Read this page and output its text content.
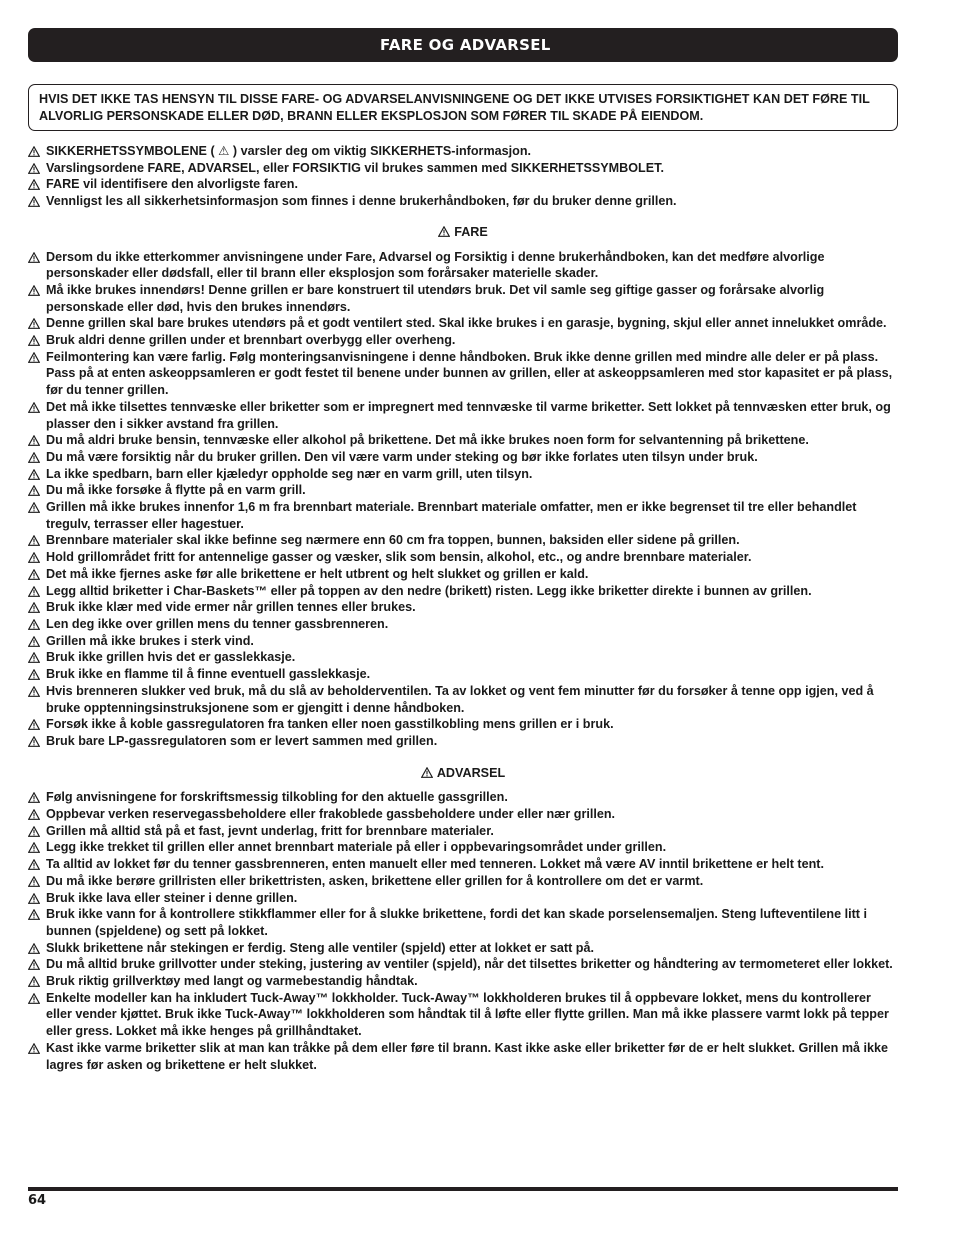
FARE OG ADVARSEL
HVIS DET IKKE TAS HENSYN TIL DISSE FARE- OG ADVARSELANVISNINGENE OG DET IKKE UTVISES FORSIKTIGHET KAN DET FØRE TIL ALVORLIG PERSONSKADE ELLER DØD, BRANN ELLER EKSPLOSJON SOM FØRER TIL SKADE PÅ EIENDOM.
SIKKERHETSSYMBOLENE ( ⚠ ) varsler deg om viktig SIKKERHETS-informasjon.
Varslingsordene FARE, ADVARSEL, eller FORSIKTIG vil brukes sammen med SIKKERHETSSYMBOLET.
FARE vil identifisere den alvorligste faren.
Vennligst les all sikkerhetsinformasjon som finnes i denne brukerhåndboken, før du bruker denne grillen.
FARE
Dersom du ikke etterkommer anvisningene under Fare, Advarsel og Forsiktig i denne brukerhåndboken, kan det medføre alvorlige personskader eller dødsfall, eller til brann eller eksplosjon som forårsaker materielle skader.
Må ikke brukes innendørs! Denne grillen er bare konstruert til utendørs bruk. Det vil samle seg giftige gasser og forårsake alvorlig personskade eller død, hvis den brukes innendørs.
Denne grillen skal bare brukes utendørs på et godt ventilert sted. Skal ikke brukes i en garasje, bygning, skjul eller annet innelukket område.
Bruk aldri denne grillen under et brennbart overbygg eller overheng.
Feilmontering kan være farlig. Følg monteringsanvisningene i denne håndboken. Bruk ikke denne grillen med mindre alle deler er på plass. Pass på at enten askeoppsamleren er godt festet til benene under bunnen av grillen, eller at askeoppsamleren med stor kapasitet er på plass, før du tenner grillen.
Det må ikke tilsettes tennvæske eller briketter som er impregnert med tennvæske til varme briketter. Sett lokket på tennvæsken etter bruk, og plasser den i sikker avstand fra grillen.
Du må aldri bruke bensin, tennvæske eller alkohol på brikettene. Det må ikke brukes noen form for selvantenning på brikettene.
Du må være forsiktig når du bruker grillen. Den vil være varm under steking og bør ikke forlates uten tilsyn under bruk.
La ikke spedbarn, barn eller kjæledyr oppholde seg nær en varm grill, uten tilsyn.
Du må ikke forsøke å flytte på en varm grill.
Grillen må ikke brukes innenfor 1,6 m fra brennbart materiale. Brennbart materiale omfatter, men er ikke begrenset til tre eller behandlet tregulv, terrasser eller hagestuer.
Brennbare materialer skal ikke befinne seg nærmere enn 60 cm fra toppen, bunnen, baksiden eller sidene på grillen.
Hold grillområdet fritt for antennelige gasser og væsker, slik som bensin, alkohol, etc., og andre brennbare materialer.
Det må ikke fjernes aske før alle brikettene er helt utbrent og helt slukket og grillen er kald.
Legg alltid briketter i Char-Baskets™ eller på toppen av den nedre (brikett) risten. Legg ikke briketter direkte i bunnen av grillen.
Bruk ikke klær med vide ermer når grillen tennes eller brukes.
Len deg ikke over grillen mens du tenner gassbrenneren.
Grillen må ikke brukes i sterk vind.
Bruk ikke grillen hvis det er gasslekkasje.
Bruk ikke en flamme til å finne eventuell gasslekkasje.
Hvis brenneren slukker ved bruk, må du slå av beholderventilen. Ta av lokket og vent fem minutter før du forsøker å tenne opp igjen, ved å bruke opptenningsinstruksjonene som er gjengitt i denne håndboken.
Forsøk ikke å koble gassregulatoren fra tanken eller noen gasstilkobling mens grillen er i bruk.
Bruk bare LP-gassregulatoren som er levert sammen med grillen.
ADVARSEL
Følg anvisningene for forskriftsmessig tilkobling for den aktuelle gassgrillen.
Oppbevar verken reservegassbeholdere eller frakoblede gassbeholdere under eller nær grillen.
Grillen må alltid stå på et fast, jevnt underlag, fritt for brennbare materialer.
Legg ikke trekket til grillen eller annet brennbart materiale på eller i oppbevaringsområdet under grillen.
Ta alltid av lokket før du tenner gassbrenneren, enten manuelt eller med tenneren. Lokket må være AV inntil brikettene er helt tent.
Du må ikke berøre grillristen eller brikettristen, asken, brikettene eller grillen for å kontrollere om det er varmt.
Bruk ikke lava eller steiner i denne grillen.
Bruk ikke vann for å kontrollere stikkflammer eller for å slukke brikettene, fordi det kan skade porselensemaljen. Steng lufteventilene litt i bunnen (spjeldene) og sett på lokket.
Slukk brikettene når stekingen er ferdig. Steng alle ventiler (spjeld) etter at lokket er satt på.
Du må alltid bruke grillvotter under steking, justering av ventiler (spjeld), når det tilsettes briketter og håndtering av termometeret eller lokket.
Bruk riktig grillverktøy med langt og varmebestandig håndtak.
Enkelte modeller kan ha inkludert Tuck-Away™ lokkholder. Tuck-Away™ lokkholderen brukes til å oppbevare lokket, mens du kontrollerer eller vender kjøttet. Bruk ikke Tuck-Away™ lokkholderen som håndtak til å løfte eller flytte grillen. Man må ikke plassere varmt lokk på tepper eller gress. Lokket må ikke henges på grillhåndtaket.
Kast ikke varme briketter slik at man kan tråkke på dem eller føre til brann. Kast ikke aske eller briketter før de er helt slukket. Grillen må ikke lagres før asken og brikettene er helt slukket.
64
